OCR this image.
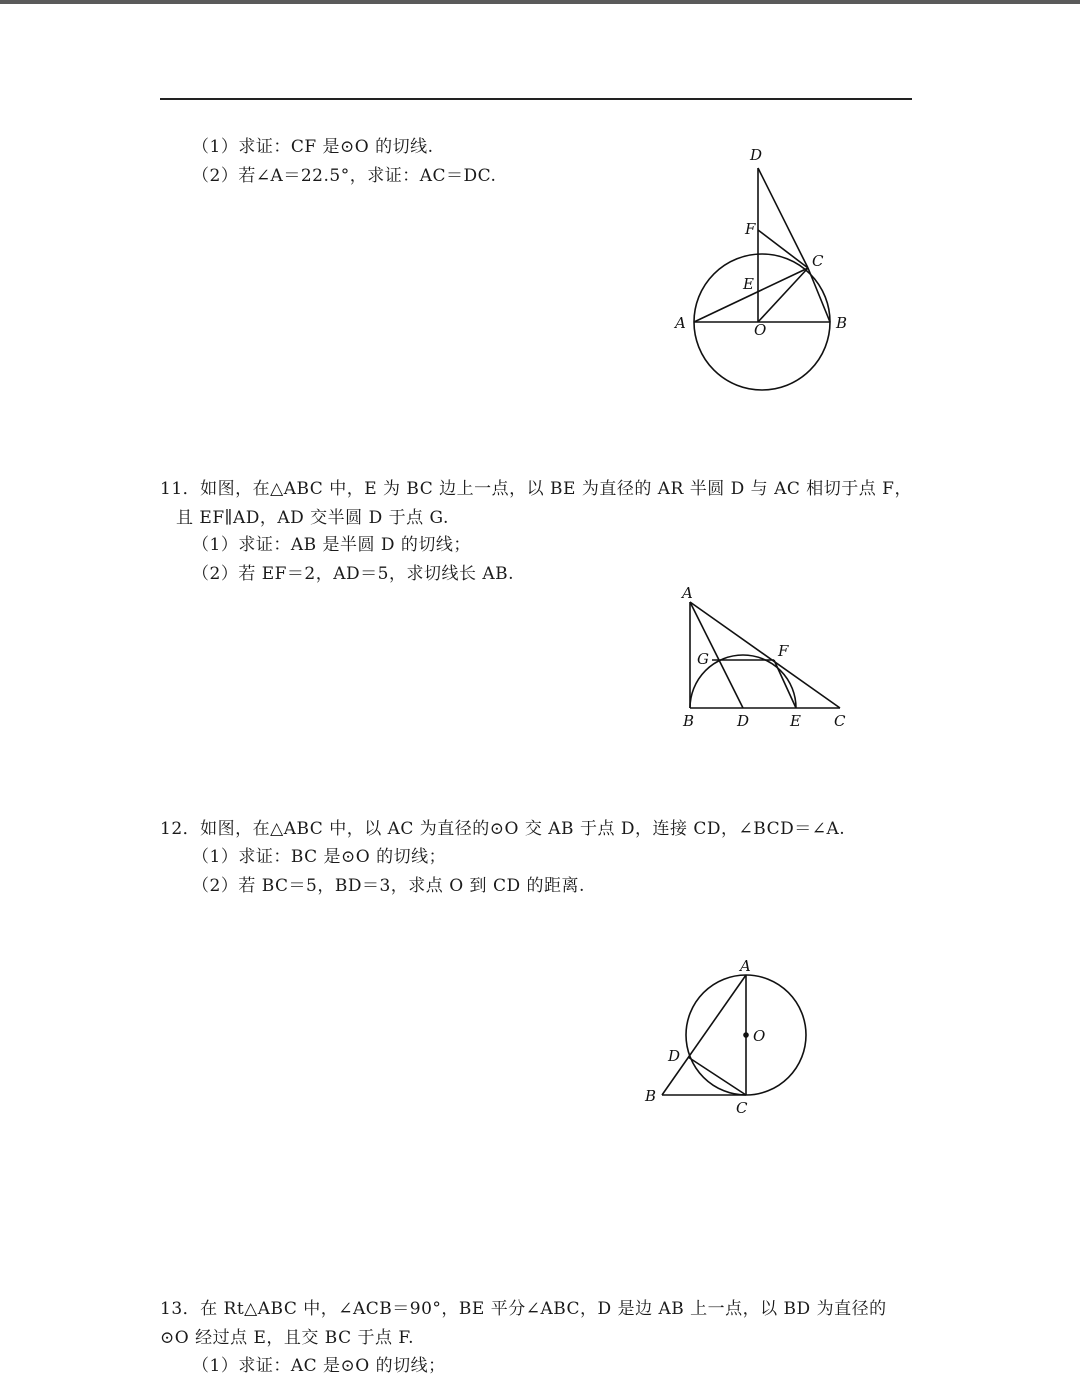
（1）求证：CF 是⊙O 的切线.
（2）若∠A＝22.5°，求证：AC＝DC.
D
F
C
E
A	O	B
11．如图，在△ABC 中，E 为 BC 边上一点，以 BE 为直径的 AR 半圆 D 与 AC 相切于点 F，
且 EF∥AD，AD 交半圆 D 于点 G.
（1）求证：AB 是半圆 D 的切线；
（2）若 EF＝2，AD＝5，求切线长 AB.
A
G	F
B	D	E C
12．如图，在△ABC 中，以 AC 为直径的⊙O 交 AB 于点 D，连接 CD，∠BCD＝∠A.
（1）求证：BC 是⊙O 的切线；
（2）若 BC＝5，BD＝3，求点 O 到 CD 的距离.
A
O
D
B
C
13．在 Rt△ABC 中，∠ACB＝90°，BE 平分∠ABC，D 是边 AB 上一点，以 BD 为直径的
⊙O 经过点 E，且交 BC 于点 F.
（1）求证：AC 是⊙O 的切线；
